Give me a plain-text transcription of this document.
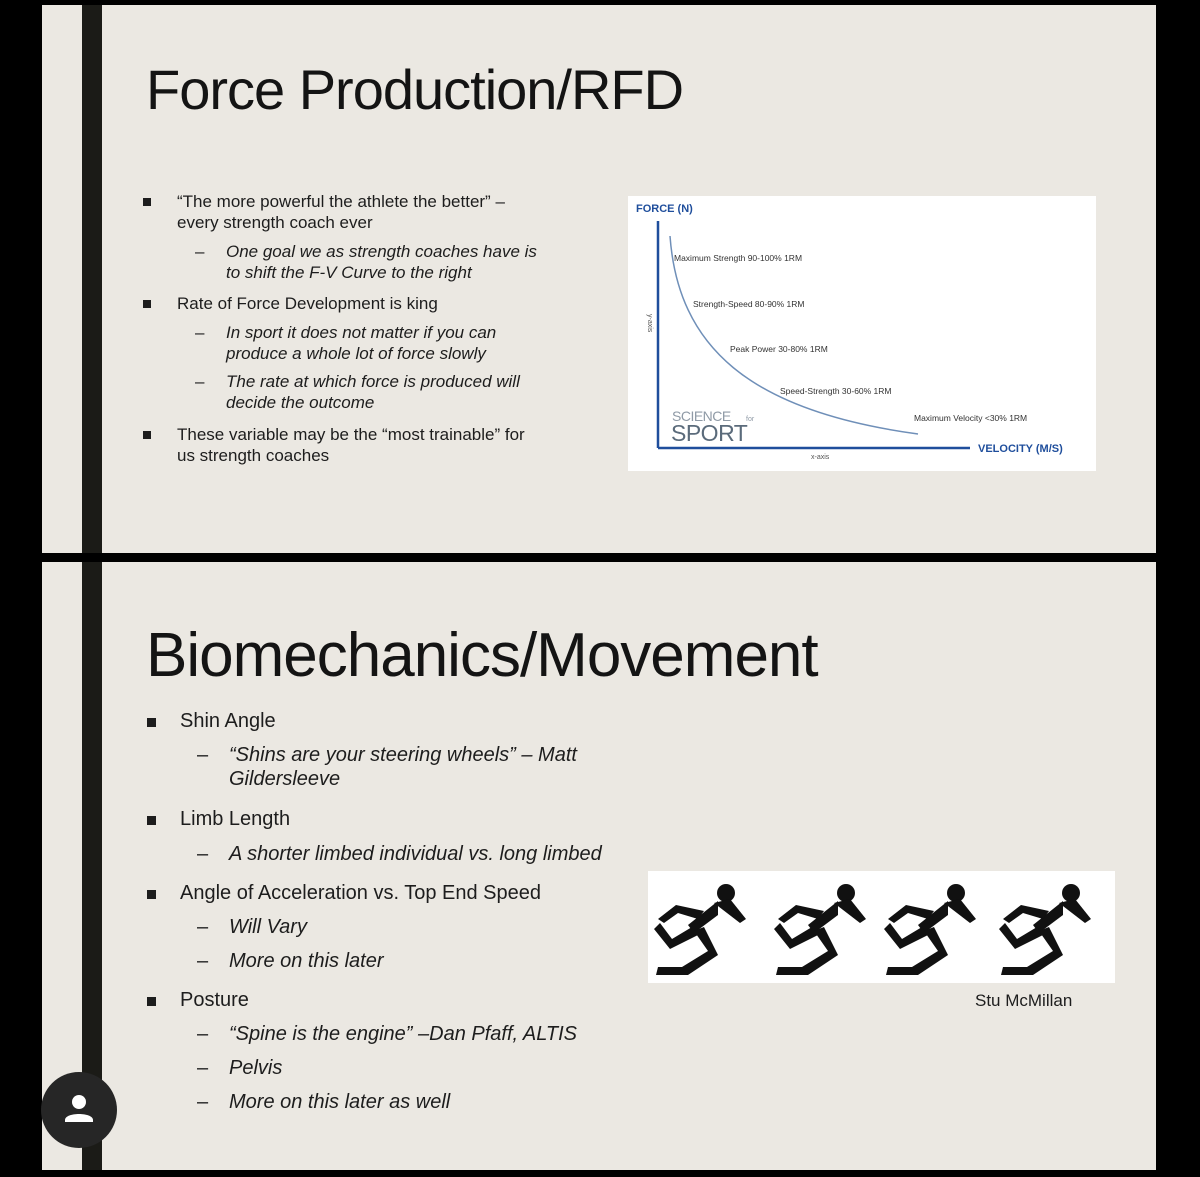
Force Production/RFD
“The more powerful the athlete the better” –
every strength coach ever
– One goal we as strength coaches have is
to shift the F-V Curve to the right
Rate of Force Development is king
– In sport it does not matter if you can
produce a whole lot of force slowly
– The rate at which force is produced will
decide the outcome
These variable may be the “most trainable” for
us strength coaches
FORCE (N)
VELOCITY (M/S)
y-axis
x-axis
Maximum Strength 90-100% 1RM
Strength-Speed 80-90% 1RM
Peak Power 30-80% 1RM
Speed-Strength 30-60% 1RM
Maximum Velocity <30% 1RM
SCIENCE for
SPORT
Biomechanics/Movement
Shin Angle
– “Shins are your steering wheels” – Matt
Gildersleeve
Limb Length
– A shorter limbed individual vs. long limbed
Angle of Acceleration vs. Top End Speed
– Will Vary
– More on this later
Posture
– “Spine is the engine” –Dan Pfaff, ALTIS
– Pelvis
– More on this later as well
Stu McMillan
